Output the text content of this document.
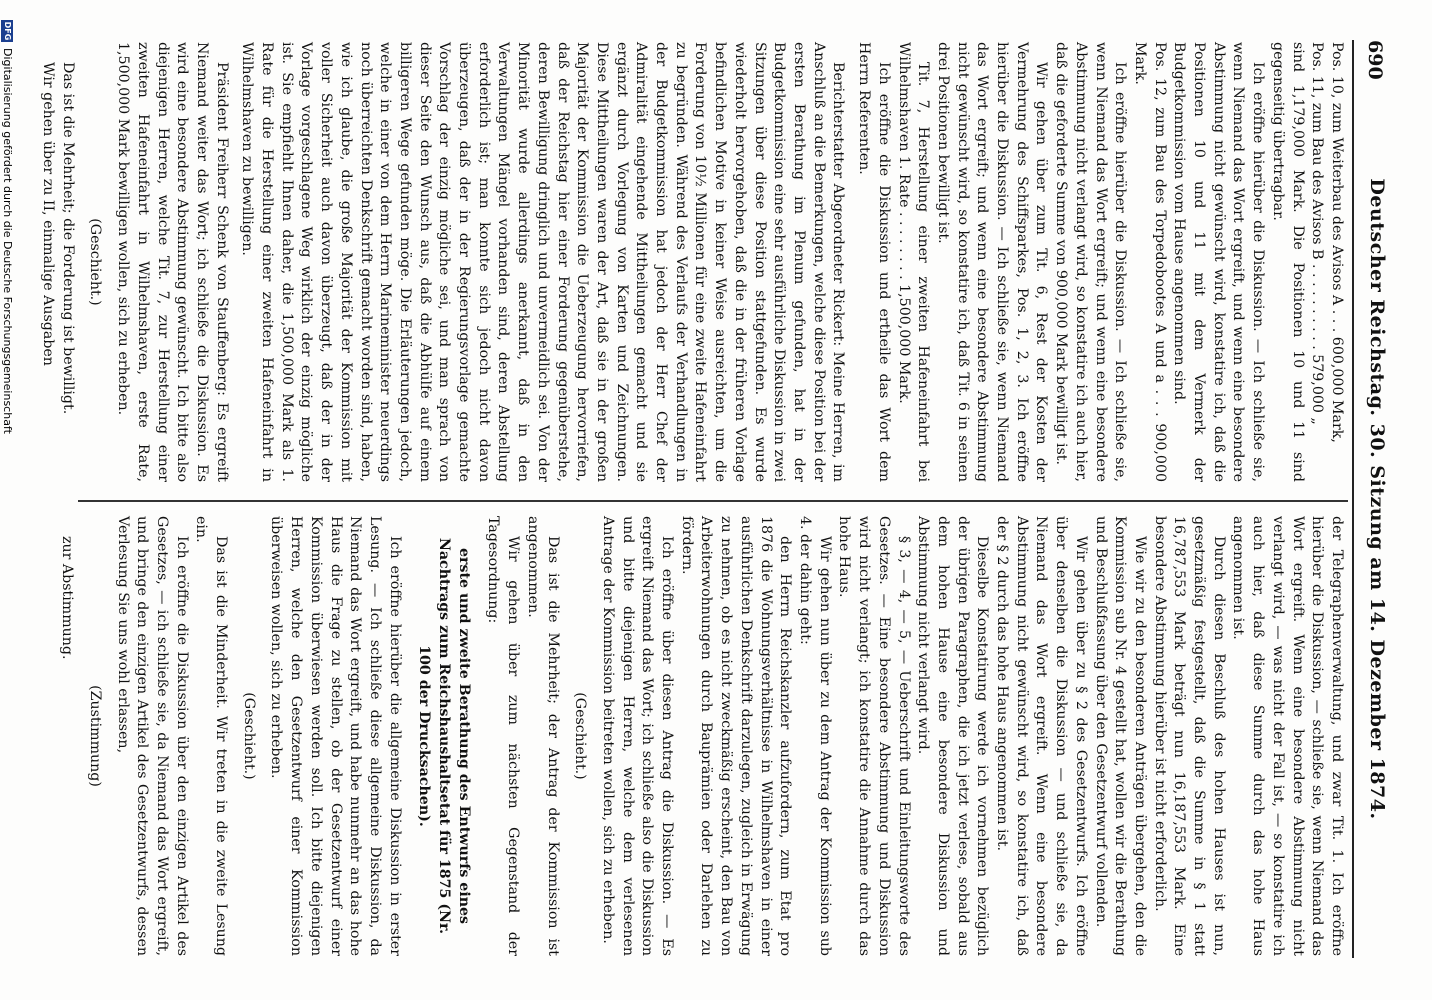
690
Deutscher Reichstag. 30. Sitzung am 14. Dezember 1874.

Pos. 10, zum Weiterbau des Avisos A . . . 600,000 Mark,

Pos. 11, zum Bau des Avisos B . . . . . . . . . . 579,000 „

sind 1,179,000 Mark. Die Positionen 10 und 11 sind gegenseitig übertragbar.

Ich eröffne hierüber die Diskussion. — Ich schließe sie, wenn Niemand das Wort ergreift, und wenn eine besondere Abstimmung nicht gewünscht wird, konstatire ich, daß die Positionen 10 und 11 mit dem Vermerk der Budgetkommission vom Hause angenommen sind.

Pos. 12, zum Bau des Torpedobootes A und a . . . 900,000 Mark.

Ich eröffne hierüber die Diskussion. — Ich schließe sie, wenn Niemand das Wort ergreift; und wenn eine besondere Abstimmung nicht verlangt wird, so konstatire ich auch hier, daß die geforderte Summe von 900,000 Mark bewilligt ist.

Wir gehen über zum Tit. 6, Rest der Kosten der Vermehrung des Schiffsparkes, Pos. 1, 2, 3. Ich eröffne hierüber die Diskussion. — Ich schließe sie, wenn Niemand das Wort ergreift; und wenn eine besondere Abstimmung nicht gewünscht wird, so konstatire ich, daß Tit. 6 in seinen drei Positionen bewilligt ist.

Tit. 7, Herstellung einer zweiten Hafeneinfahrt bei Wilhelmshaven 1. Rate . . . . . . . . 1,500,000 Mark.

Ich eröffne die Diskussion und ertheile das Wort dem Herrn Referenten.

Berichterstatter Abgeordneter Rickert: Meine Herren, im Anschluß an die Bemerkungen, welche diese Position bei der ersten Berathung im Plenum gefunden, hat in der Budgetkommission eine sehr ausführliche Diskussion in zwei Sitzungen über diese Position stattgefunden. Es wurde wiederholt hervorgehoben, daß die in der früheren Vorlage befindlichen Motive in keiner Weise ausreichten, um die Forderung von 10½ Millionen für eine zweite Hafeneinfahrt zu begründen. Während des Verlaufs der Verhandlungen in der Budgetkommission hat jedoch der Herr Chef der Admiralität eingehende Mittheilungen gemacht und sie ergänzt durch Vorlegung von Karten und Zeichnungen. Diese Mittheilungen waren der Art, daß sie in der großen Majorität der Kommission die Ueberzeugung hervorriefen, daß der Reichstag hier einer Forderung gegenüberstehe, deren Bewilligung dringlich und unvermeidlich sei. Von der Minorität wurde allerdings anerkannt, daß in den Verwaltungen Mängel vorhanden sind, deren Abstellung erforderlich ist; man konnte sich jedoch nicht davon überzeugen, daß der in der Regierungsvorlage gemachte Vorschlag der einzig mögliche sei, und man sprach von dieser Seite den Wunsch aus, daß die Abhülfe auf einem billigeren Wege gefunden möge. Die Erläuterungen jedoch, welche in einer von dem Herrn Marineminister neuerdings noch überreichten Denkschrift gemacht worden sind, haben, wie ich glaube, die große Majorität der Kommission mit voller Sicherheit auch davon überzeugt, daß der in der Vorlage vorgeschlagene Weg wirklich der einzig mögliche ist. Sie empfiehlt Ihnen daher, die 1,500,000 Mark als 1. Rate für die Herstellung einer zweiten Hafeneinfahrt in Wilhelmshaven zu bewilligen.

Präsident Freiherr Schenk von Stauffenberg: Es ergreift Niemand weiter das Wort; ich schließe die Diskussion. Es wird eine besondere Abstimmung gewünscht. Ich bitte also diejenigen Herren, welche Tit. 7, zur Herstellung einer zweiten Hafeneinfahrt in Wilhelmshaven, erste Rate, 1,500,000 Mark bewilligen wollen, sich zu erheben.

(Geschieht.)

Das ist die Mehrheit; die Forderung ist bewilligt.

Wir gehen über zu II, einmalige Ausgaben

der Telegraphenverwaltung, und zwar Tit. 1. Ich eröffne hierüber die Diskussion, — schließe sie, wenn Niemand das Wort ergreift. Wenn eine besondere Abstimmung nicht verlangt wird, — was nicht der Fall ist, — so konstatire ich auch hier, daß diese Summe durch das hohe Haus angenommen ist.

Durch diesen Beschluß des hohen Hauses ist nun, gesetzmäßig festgestellt, daß die Summe in § 1 statt 16,787,553 Mark beträgt nun 16,187,553 Mark. Eine besondere Abstimmung hierüber ist nicht erforderlich.

Wie wir zu den besonderen Anträgen übergehen, den die Kommission sub Nr. 4 gestellt hat, wollen wir die Berathung und Beschlußfassung über den Gesetzentwurf vollenden.

Wir gehen über zu § 2 des Gesetzentwurfs. Ich eröffne über denselben die Diskussion — und schließe sie, da Niemand das Wort ergreift. Wenn eine besondere Abstimmung nicht gewünscht wird, so konstatire ich, daß der § 2 durch das hohe Haus angenommen ist.

Dieselbe Konstatirung werde ich vornehmen bezüglich der übrigen Paragraphen, die ich jetzt verlese, sobald aus dem hohen Hause eine besondere Diskussion und Abstimmung nicht verlangt wird.

§ 3, — 4, — 5, — Ueberschrift und Einleitungsworte des Gesetzes. — Eine besondere Abstimmung und Diskussion wird nicht verlangt; ich konstatire die Annahme durch das hohe Haus.

Wir gehen nun über zu dem Antrag der Kommission sub 4. der dahin geht:

den Herrn Reichskanzler aufzufordern, zum Etat pro 1876 die Wohnungsverhältnisse in Wilhelmshaven in einer ausführlichen Denkschrift darzulegen, zugleich in Erwägung zu nehmen, ob es nicht zweckmäßig erscheint, den Bau von Arbeiterwohnungen durch Bauprämien oder Darlehen zu fördern.

Ich eröffne über diesen Antrag die Diskussion. — Es ergreift Niemand das Wort; ich schließe also die Diskussion und bitte diejenigen Herren, welche dem verlesenen Antrage der Kommission beitreten wollen, sich zu erheben.

(Geschieht.)

Das ist die Mehrheit; der Antrag der Kommission ist angenommen.

Wir gehen über zum nächsten Gegenstand der Tagesordnung:

erste und zweite Berathung des Entwurfs eines Nachtrags zum Reichshaushaltsetat für 1875 (Nr. 100 der Drucksachen).

Ich eröffne hierüber die allgemeine Diskussion in erster Lesung. — Ich schließe diese allgemeine Diskussion, da Niemand das Wort ergreift, und habe nunmehr an das hohe Haus die Frage zu stellen, ob der Gesetzentwurf einer Kommission überwiesen werden soll. Ich bitte diejenigen Herren, welche den Gesetzentwurf einer Kommission überweisen wollen, sich zu erheben.

(Geschieht.)

Das ist die Minderheit. Wir treten in die zweite Lesung ein.

Ich eröffne die Diskussion über den einzigen Artikel des Gesetzes, — ich schließe sie, da Niemand das Wort ergreift, und bringe den einzigen Artikel des Gesetzentwurfs, dessen Verlesung Sie uns wohl erlassen,

(Zustimmung)

zur Abstimmung.

DFGDigitalisierung gefördert durch die Deutsche Forschungsgemeinschaft
